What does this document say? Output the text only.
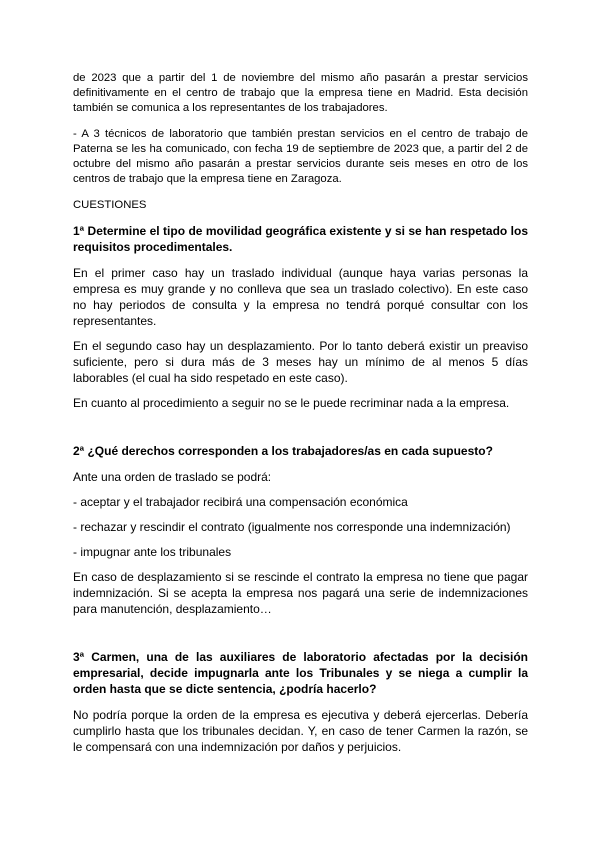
de 2023 que a partir del 1 de noviembre del mismo año pasarán a prestar servicios definitivamente en el centro de trabajo que la empresa tiene en Madrid. Esta decisión también se comunica a los representantes de los trabajadores.

- A 3 técnicos de laboratorio que también prestan servicios en el centro de trabajo de Paterna se les ha comunicado, con fecha 19 de septiembre de 2023 que, a partir del 2 de octubre del mismo año pasarán a prestar servicios durante seis meses en otro de los centros de trabajo que la empresa tiene en Zaragoza.

CUESTIONES

1ª Determine el tipo de movilidad geográfica existente y si se han respetado los requisitos procedimentales.

En el primer caso hay un traslado individual (aunque haya varias personas la empresa es muy grande y no conlleva que sea un traslado colectivo). En este caso no hay periodos de consulta y la empresa no tendrá porqué consultar con los representantes.

En el segundo caso hay un desplazamiento. Por lo tanto deberá existir un preaviso suficiente, pero si dura más de 3 meses hay un mínimo de al menos 5 días laborables (el cual ha sido respetado en este caso).

En cuanto al procedimiento a seguir no se le puede recriminar nada a la empresa.

2ª ¿Qué derechos corresponden a los trabajadores/as en cada supuesto?

Ante una orden de traslado se podrá:

- aceptar y el trabajador recibirá una compensación económica

- rechazar y rescindir el contrato (igualmente nos corresponde una indemnización)

- impugnar ante los tribunales

En caso de desplazamiento si se rescinde el contrato la empresa no tiene que pagar indemnización. Si se acepta la empresa nos pagará una serie de indemnizaciones para manutención, desplazamiento…

3ª Carmen, una de las auxiliares de laboratorio afectadas por la decisión empresarial, decide impugnarla ante los Tribunales y se niega a cumplir la orden hasta que se dicte sentencia, ¿podría hacerlo?

No podría porque la orden de la empresa es ejecutiva y deberá ejercerlas. Debería cumplirlo hasta que los tribunales decidan. Y, en caso de tener Carmen la razón, se le compensará con una indemnización por daños y perjuicios.
